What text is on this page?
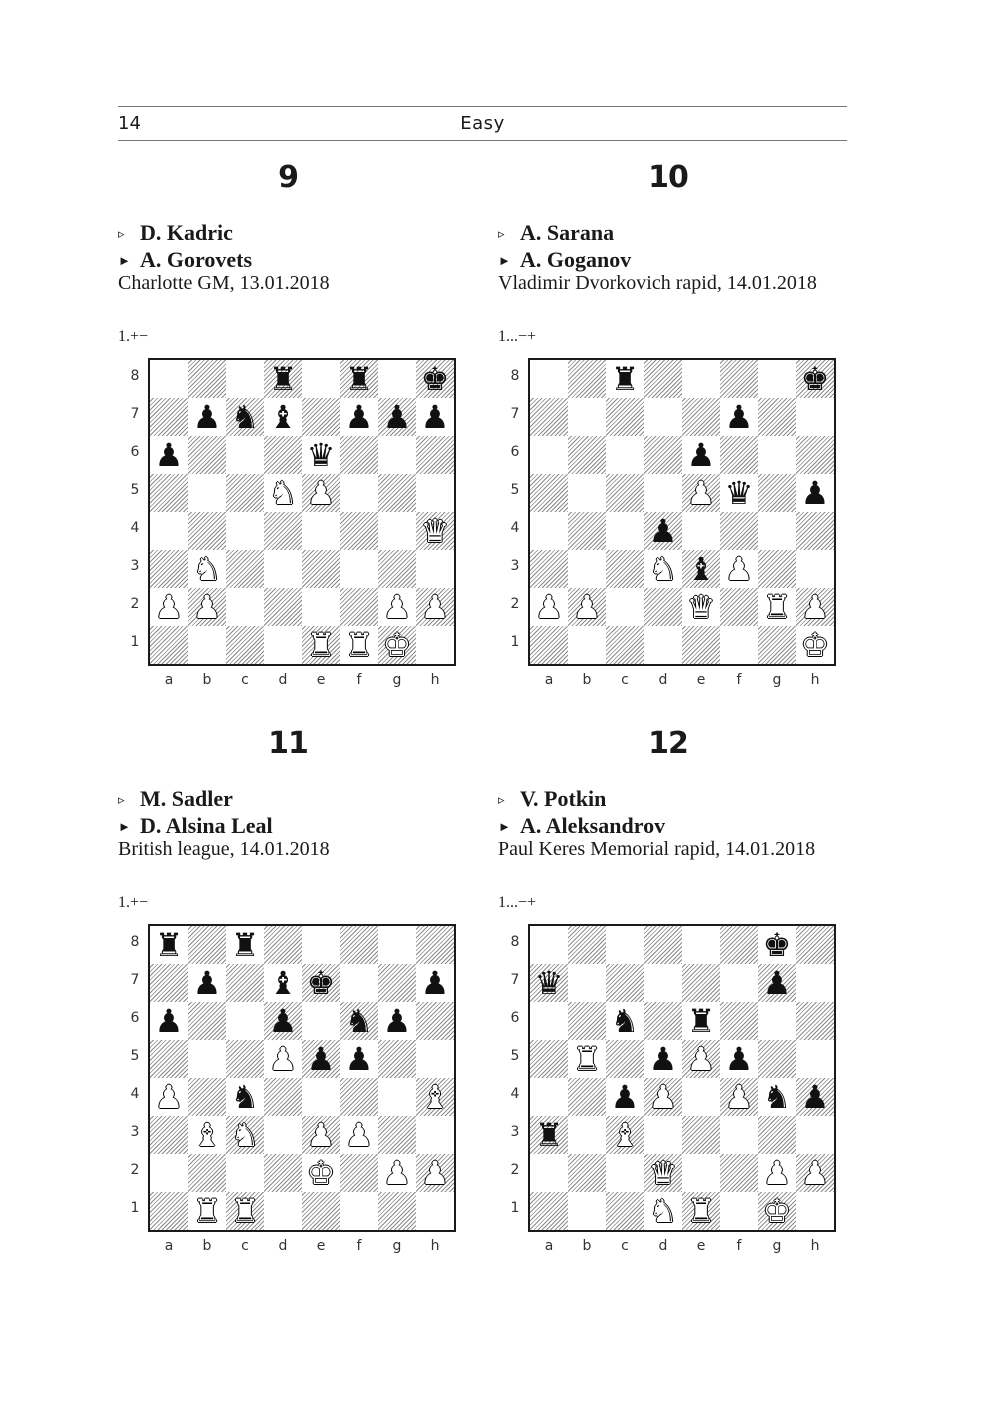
14	Easy
9
▹ D. Kadric
► A. Gorovets
Charlotte GM, 13.01.2018
1.+−
8
7
6
5
4
3
2
1
♜ ♜ ♚
♟ ♞ ♝ ♟ ♟ ♟
♟	♛
♞ ♟
♛
♞
♟ ♟	♟ ♟
♜ ♜ ♚
a	b	c	d	e	f	g	h
10
▹ A. Sarana
► A. Goganov
Vladimir Dvorkovich rapid, 14.01.2018
1...−+
8
7
6
5
4
3
2
1
♜	♚
♟
♟
♟ ♛ ♟
♟
♞ ♝ ♟
♟ ♟	♛ ♜ ♟
♚
a	b	c	d	e	f	g	h
11
▹ M. Sadler
► D. Alsina Leal
British league, 14.01.2018
1.+−
8
7
6
5
4
3
2
1
♜ ♜
♟ ♝ ♚	♟
♟	♟ ♞ ♟
♟ ♟ ♟
♟ ♞	♝
♝ ♞ ♟ ♟
♚ ♟ ♟
♜ ♜
a	b	c	d	e	f	g	h
12
▹ V. Potkin
► A. Aleksandrov
Paul Keres Memorial rapid, 14.01.2018
1...−+
8
7
6
5
4
3
2
1
♚
♛	♟
♞ ♜
♜ ♟ ♟ ♟
♟ ♟ ♟ ♞ ♟
♜ ♝
♛	♟ ♟
♞ ♜ ♚
a	b	c	d	e	f	g	h
